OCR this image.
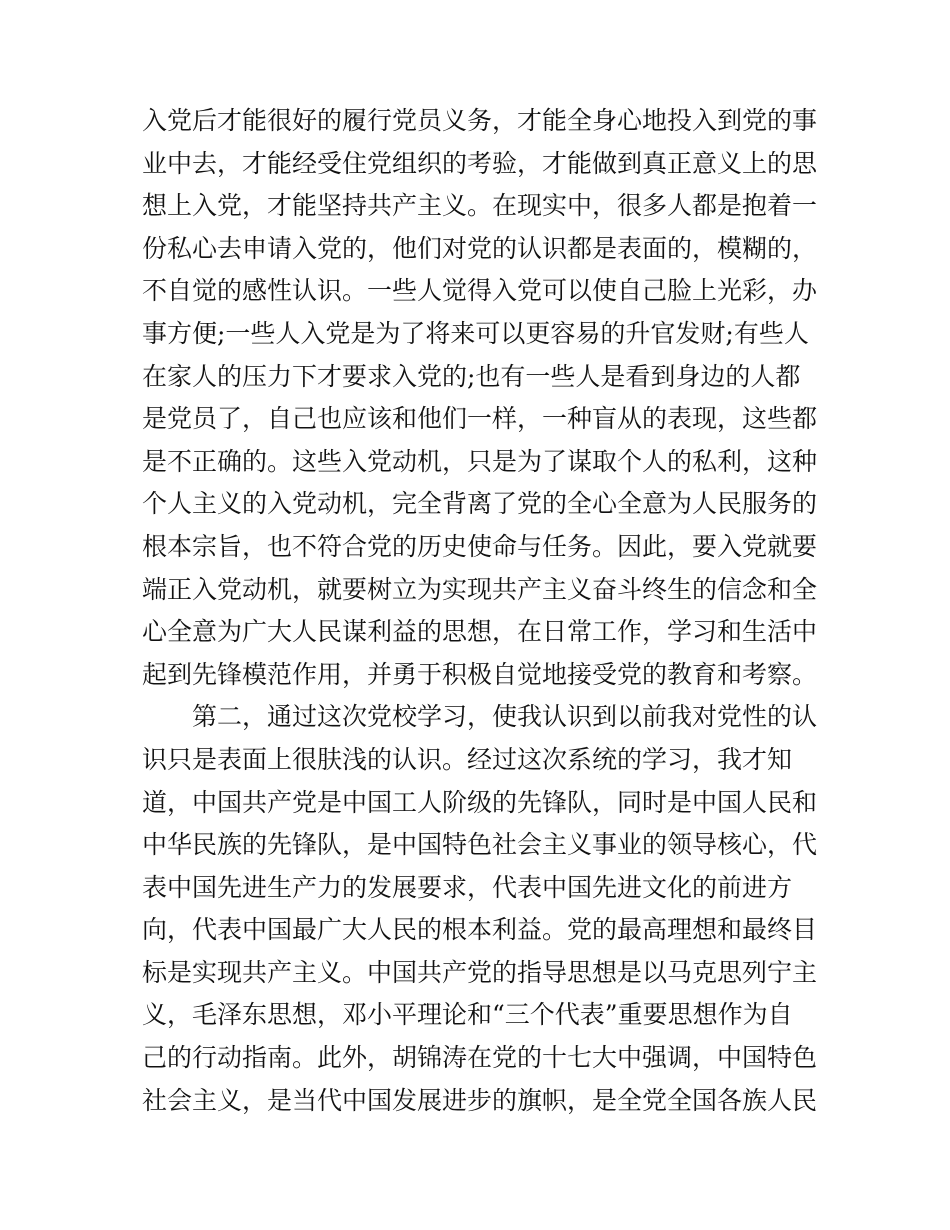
入党后才能很好的履行党员义务，才能全身心地投入到党的事
业中去，才能经受住党组织的考验，才能做到真正意义上的思
想上入党，才能坚持共产主义。在现实中，很多人都是抱着一
份私心去申请入党的，他们对党的认识都是表面的，模糊的，
不自觉的感性认识。一些人觉得入党可以使自己脸上光彩，办
事方便;一些人入党是为了将来可以更容易的升官发财;有些人
在家人的压力下才要求入党的;也有一些人是看到身边的人都
是党员了，自己也应该和他们一样，一种盲从的表现，这些都
是不正确的。这些入党动机，只是为了谋取个人的私利，这种
个人主义的入党动机，完全背离了党的全心全意为人民服务的
根本宗旨，也不符合党的历史使命与任务。因此，要入党就要
端正入党动机，就要树立为实现共产主义奋斗终生的信念和全
心全意为广大人民谋利益的思想，在日常工作，学习和生活中
起到先锋模范作用，并勇于积极自觉地接受党的教育和考察。
第二，通过这次党校学习，使我认识到以前我对党性的认
识只是表面上很肤浅的认识。经过这次系统的学习，我才知
道，中国共产党是中国工人阶级的先锋队，同时是中国人民和
中华民族的先锋队，是中国特色社会主义事业的领导核心，代
表中国先进生产力的发展要求，代表中国先进文化的前进方
向，代表中国最广大人民的根本利益。党的最高理想和最终目
标是实现共产主义。中国共产党的指导思想是以马克思列宁主
义，毛泽东思想，邓小平理论和“三个代表”重要思想作为自
己的行动指南。此外，胡锦涛在党的十七大中强调，中国特色
社会主义，是当代中国发展进步的旗帜，是全党全国各族人民
